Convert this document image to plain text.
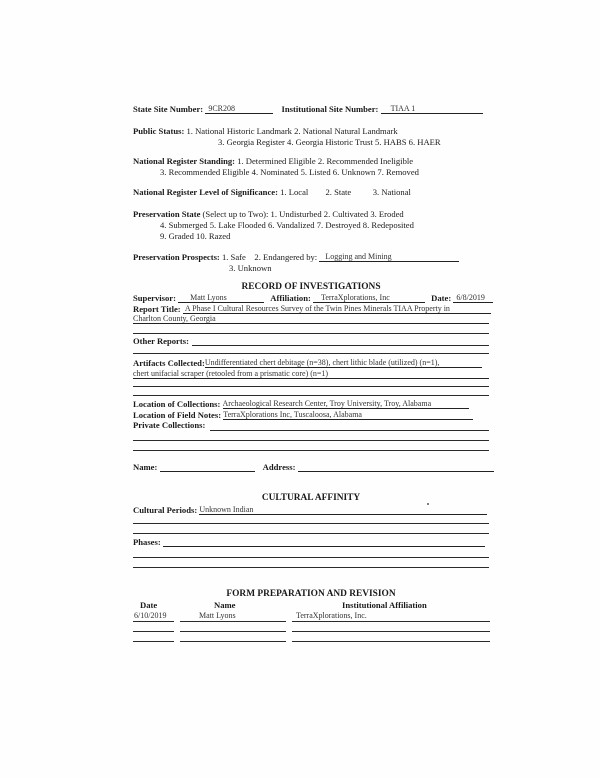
State Site Number: 9CR208	Institutional Site Number: TIAA 1
Public Status: 1. National Historic Landmark 2. National Natural Landmark
3. Georgia Register 4. Georgia Historic Trust 5. HABS 6. HAER
National Register Standing: 1. Determined Eligible 2. Recommended Ineligible
3. Recommended Eligible 4. Nominated 5. Listed 6. Unknown 7. Removed
National Register Level of Significance: 1. Local        2. State          3. National
Preservation State (Select up to Two): 1. Undisturbed 2. Cultivated 3. Eroded
4. Submerged 5. Lake Flooded 6. Vandalized 7. Destroyed 8. Redeposited
9. Graded 10. Razed
Preservation Prospects: 1. Safe    2. Endangered by: Logging and Mining
3. Unknown
RECORD OF INVESTIGATIONS
Supervisor: Matt Lyons	Affiliation: TerraXplorations, Inc	Date: 6/8/2019
Report Title: A Phase I Cultural Resources Survey of the Twin Pines Minerals TIAA Property in
Charlton County, Georgia
Other Reports:
Artifacts Collected:Undifferentiated chert debitage (n=38), chert lithic blade (utilized) (n=1),
chert unifacial scraper (retooled from a prismatic core) (n=1)
Location of Collections: Archaeological Research Center, Troy University, Troy, Alabama
Location of Field Notes: TerraXplorations Inc, Tuscaloosa, Alabama
Private Collections:
Name:	Address:
CULTURAL AFFINITY
Cultural Periods: Unknown Indian
Phases:
FORM PREPARATION AND REVISION
Date	Name	Institutional Affiliation
6/10/2019	Matt Lyons	TerraXplorations, Inc.
